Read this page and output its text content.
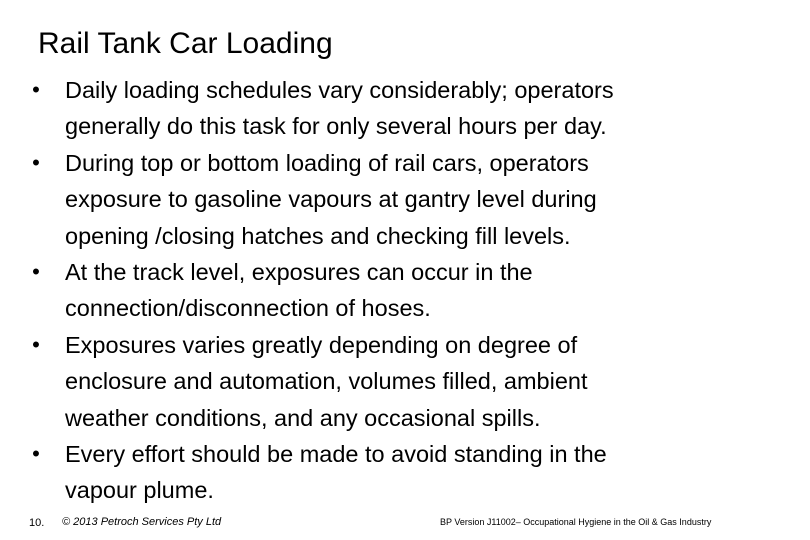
Rail Tank Car Loading
• Daily loading schedules vary considerably; operators
generally do this task for only several hours per day.
• During top or bottom loading of rail cars, operators
exposure to gasoline vapours at gantry level during
opening /closing hatches and checking fill levels.
• At the track level, exposures can occur in the
connection/disconnection of hoses.
• Exposures varies greatly depending on degree of
enclosure and automation, volumes filled, ambient
weather conditions, and any occasional spills.
• Every effort should be made to avoid standing in the
vapour plume.
10. © 2013 Petroch Services Pty Ltd	BP Version J11002– Occupational Hygiene in the Oil & Gas Industry
